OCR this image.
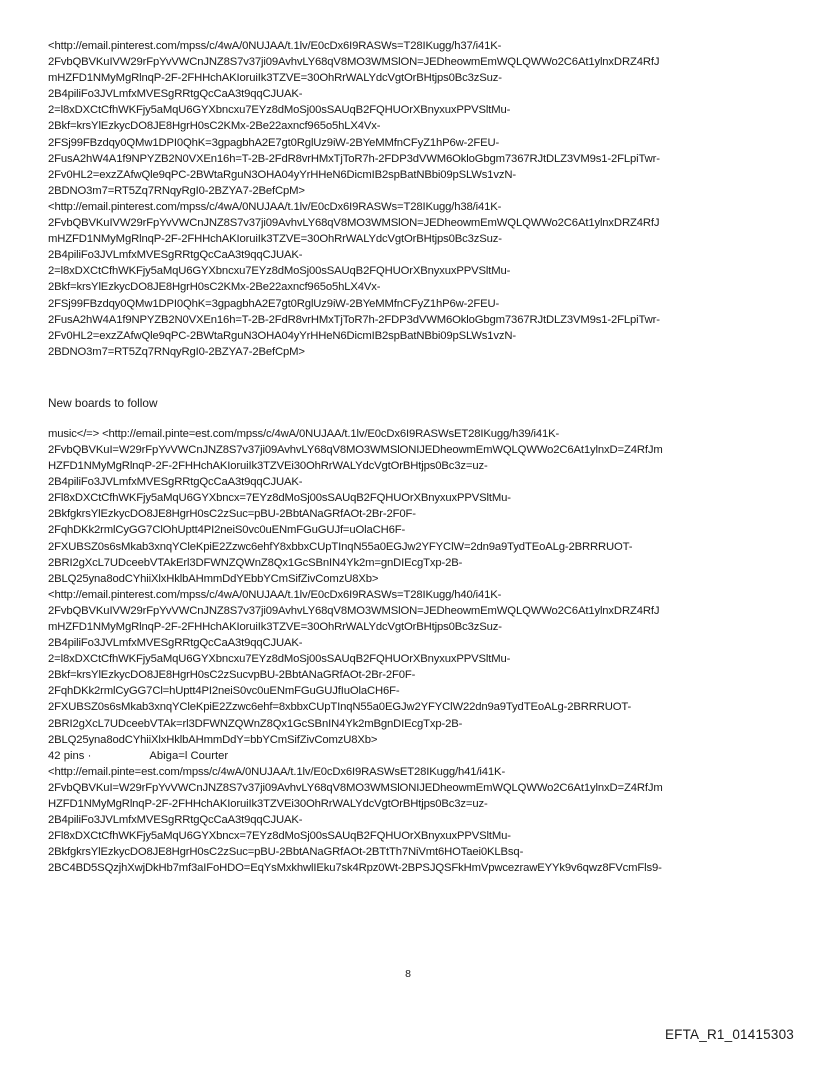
<http://email.pinterest.com/mpss/c/4wA/0NUJAA/t.1lv/E0cDx6I9RASWs=T28IKugg/h37/i41K-
2FvbQBVKuIVW29rFpYvVWCnJNZ8S7v37ji09AvhvLY68qV8MO3WMSlON=JEDheowmEmWQLQWWo2C6At1ylnxDRZ4RfJ
mHZFD1NMyMgRlnqP-2F-2FHHchAKIoruiIk3TZVE=30OhRrWALYdcVgtOrBHtjps0Bc3zSuz-
2B4piliFo3JVLmfxMVESgRRtgQcCaA3t9qqCJUAK-
2=l8xDXCtCfhWKFjy5aMqU6GYXbncxu7EYz8dMoSj00sSAUqB2FQHUOrXBnyxuxPPVSltMu-
2Bkf=krsYlEzkycDO8JE8HgrH0sC2KMx-2Be22axncf965o5hLX4Vx-
2FSj99FBzdqy0QMw1DPI0QhK=3gpagbhA2E7gt0RglUz9iW-2BYeMMfnCFyZ1hP6w-2FEU-
2FusA2hW4A1f9NPYZB2N0VXEn16h=T-2B-2FdR8vrHMxTjToR7h-2FDP3dVWM6OkloGbgm7367RJtDLZ3VM9s1-2FLpiTwr-
2Fv0HL2=exzZAfwQle9qPC-2BWtaRguN3OHA04yYrHHeN6DicmIB2spBatNBbi09pSLWs1vzN-
2BDNO3m7=RT5Zq7RNqyRgI0-2BZYA7-2BefCpM>
<http://email.pinterest.com/mpss/c/4wA/0NUJAA/t.1lv/E0cDx6I9RASWs=T28IKugg/h38/i41K-
2FvbQBVKuIVW29rFpYvVWCnJNZ8S7v37ji09AvhvLY68qV8MO3WMSlON=JEDheowmEmWQLQWWo2C6At1ylnxDRZ4RfJ
mHZFD1NMyMgRlnqP-2F-2FHHchAKIoruiIk3TZVE=30OhRrWALYdcVgtOrBHtjps0Bc3zSuz-
2B4piliFo3JVLmfxMVESgRRtgQcCaA3t9qqCJUAK-
2=l8xDXCtCfhWKFjy5aMqU6GYXbncxu7EYz8dMoSj00sSAUqB2FQHUOrXBnyxuxPPVSltMu-
2Bkf=krsYlEzkycDO8JE8HgrH0sC2KMx-2Be22axncf965o5hLX4Vx-
2FSj99FBzdqy0QMw1DPI0QhK=3gpagbhA2E7gt0RglUz9iW-2BYeMMfnCFyZ1hP6w-2FEU-
2FusA2hW4A1f9NPYZB2N0VXEn16h=T-2B-2FdR8vrHMxTjToR7h-2FDP3dVWM6OkloGbgm7367RJtDLZ3VM9s1-2FLpiTwr-
2Fv0HL2=exzZAfwQle9qPC-2BWtaRguN3OHA04yYrHHeN6DicmIB2spBatNBbi09pSLWs1vzN-
2BDNO3m7=RT5Zq7RNqyRgI0-2BZYA7-2BefCpM>
New boards to follow
music</=> <http://email.pinte=est.com/mpss/c/4wA/0NUJAA/t.1lv/E0cDx6I9RASWsET28IKugg/h39/i41K-
2FvbQBVKuI=W29rFpYvVWCnJNZ8S7v37ji09AvhvLY68qV8MO3WMSlONIJEDheowmEmWQLQWWo2C6At1ylnxD=Z4RfJm
HZFD1NMyMgRlnqP-2F-2FHHchAKIoruiIk3TZVEi30OhRrWALYdcVgtOrBHtjps0Bc3z=uz-
2B4piliFo3JVLmfxMVESgRRtgQcCaA3t9qqCJUAK-
2Fl8xDXCtCfhWKFjy5aMqU6GYXbncx=7EYz8dMoSj00sSAUqB2FQHUOrXBnyxuxPPVSltMu-
2BkfgkrsYlEzkycDO8JE8HgrH0sC2zSuc=pBU-2BbtANaGRfAOt-2Br-2F0F-
2FqhDKk2rmlCyGG7ClOhUptt4PI2neiS0vc0uENmFGuGUJf=uOlaCH6F-
2FXUBSZ0s6sMkab3xnqYCleKpiE2Zzwc6ehfY8xbbxCUpTInqN55a0EGJw2YFYClW=2dn9a9TydTEoALg-2BRRRUOT-
2BRI2gXcL7UDceebVTAkErl3DFWNZQWnZ8Qx1GcSBnIN4Yk2m=gnDIEcgTxp-2B-
2BLQ25yna8odCYhiiXlxHklbAHmmDdYEbbYCmSifZivComzU8Xb>
<http://email.pinterest.com/mpss/c/4wA/0NUJAA/t.1lv/E0cDx6I9RASWs=T28IKugg/h40/i41K-
2FvbQBVKuIVW29rFpYvVWCnJNZ8S7v37ji09AvhvLY68qV8MO3WMSlON=JEDheowmEmWQLQWWo2C6At1ylnxDRZ4RfJ
mHZFD1NMyMgRlnqP-2F-2FHHchAKIoruiIk3TZVE=30OhRrWALYdcVgtOrBHtjps0Bc3zSuz-
2B4piliFo3JVLmfxMVESgRRtgQcCaA3t9qqCJUAK-
2=l8xDXCtCfhWKFjy5aMqU6GYXbncxu7EYz8dMoSj00sSAUqB2FQHUOrXBnyxuxPPVSltMu-
2Bkf=krsYlEzkycDO8JE8HgrH0sC2zSucvpBU-2BbtANaGRfAOt-2Br-2F0F-
2FqhDKk2rmlCyGG7Cl=hUptt4PI2neiS0vc0uENmFGuGUJfIuOlaCH6F-
2FXUBSZ0s6sMkab3xnqYCleKpiE2Zzwc6ehf=8xbbxCUpTInqN55a0EGJw2YFYClW22dn9a9TydTEoALg-2BRRRUOT-
2BRI2gXcL7UDceebVTAk=rl3DFWNZQWnZ8Qx1GcSBnIN4Yk2mBgnDIEcgTxp-2B-
2BLQ25yna8odCYhiiXlxHklbAHmmDdY=bbYCmSifZivComzU8Xb>
42 pins ·	Abiga=l Courter
<http://email.pinte=est.com/mpss/c/4wA/0NUJAA/t.1lv/E0cDx6I9RASWsET28IKugg/h41/i41K-
2FvbQBVKuI=W29rFpYvVWCnJNZ8S7v37ji09AvhvLY68qV8MO3WMSlONIJEDheowmEmWQLQWWo2C6At1ylnxD=Z4RfJm
HZFD1NMyMgRlnqP-2F-2FHHchAKIoruiIk3TZVEi30OhRrWALYdcVgtOrBHtjps0Bc3z=uz-
2B4piliFo3JVLmfxMVESgRRtgQcCaA3t9qqCJUAK-
2Fl8xDXCtCfhWKFjy5aMqU6GYXbncx=7EYz8dMoSj00sSAUqB2FQHUOrXBnyxuxPPVSltMu-
2BkfgkrsYlEzkycDO8JE8HgrH0sC2zSuc=pBU-2BbtANaGRfAOt-2BTtTh7NiVmt6HOTaei0KLBsq-
2BC4BD5SQzjhXwjDkHb7mf3aIFoHDO=EqYsMxkhwlIEku7sk4Rpz0Wt-2BPSJQSFkHmVpwcezrawEYYk9v6qwz8FVcmFls9-
8
EFTA_R1_01415303
